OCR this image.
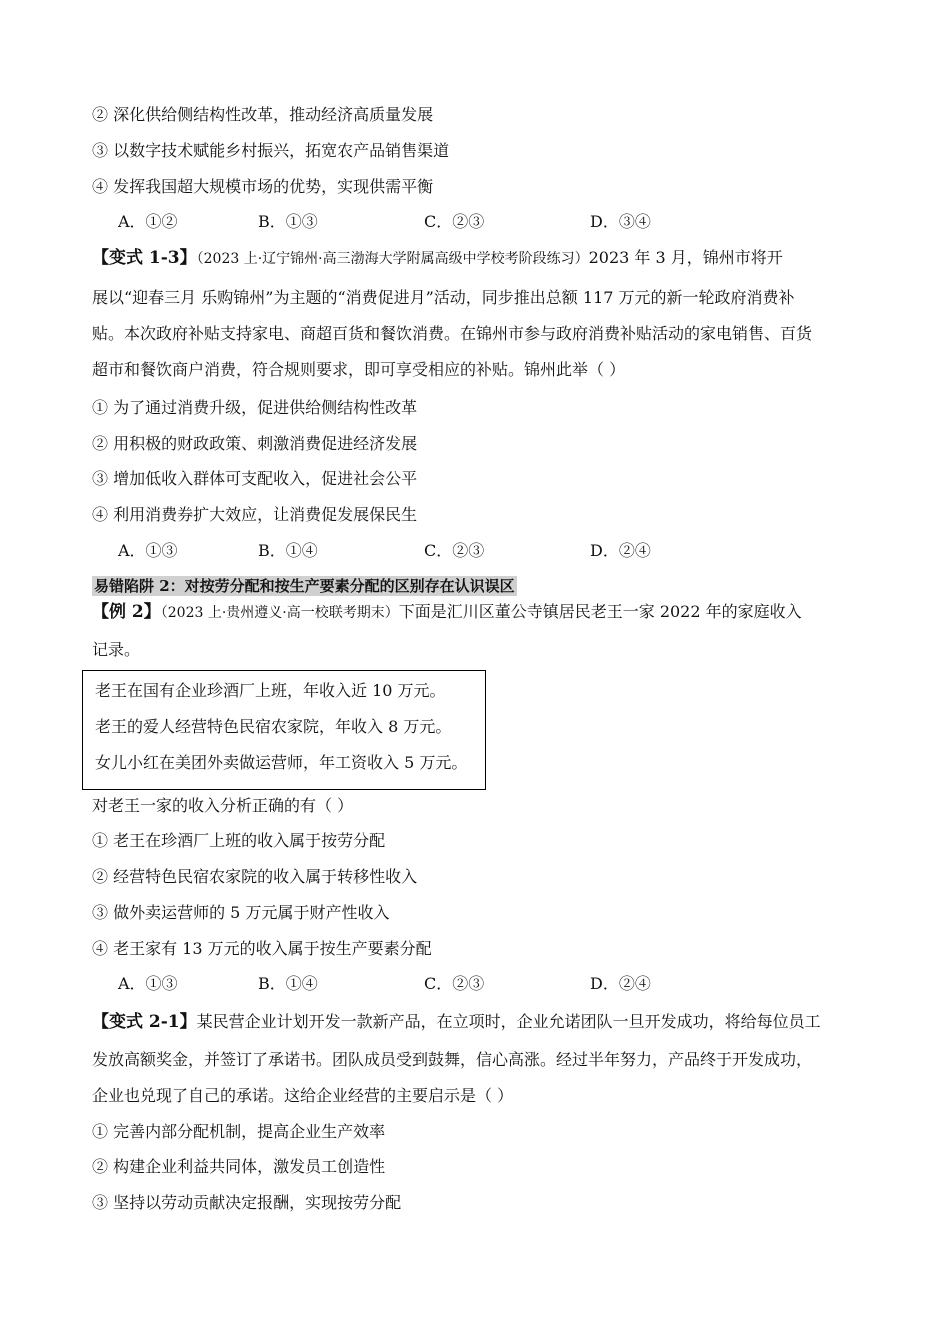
② 深化供给侧结构性改革，推动经济高质量发展
③ 以数字技术赋能乡村振兴，拓宽农产品销售渠道
④ 发挥我国超大规模市场的优势，实现供需平衡
A．①②	B．①③	C．②③	D．③④
【变式 1-3】（2023 上·辽宁锦州·高三渤海大学附属高级中学校考阶段练习）2023 年 3 月，锦州市将开
展以“迎春三月 乐购锦州”为主题的“消费促进月”活动，同步推出总额 117 万元的新一轮政府消费补
贴。本次政府补贴支持家电、商超百货和餐饮消费。在锦州市参与政府消费补贴活动的家电销售、百货
超市和餐饮商户消费，符合规则要求，即可享受相应的补贴。锦州此举（ ）
① 为了通过消费升级，促进供给侧结构性改革
② 用积极的财政政策、刺激消费促进经济发展
③ 增加低收入群体可支配收入，促进社会公平
④ 利用消费券扩大效应，让消费促发展保民生
A．①③	B．①④	C．②③	D．②④
易错陷阱 2：对按劳分配和按生产要素分配的区别存在认识误区
【例 2】（2023 上·贵州遵义·高一校联考期末）下面是汇川区董公寺镇居民老王一家 2022 年的家庭收入
记录。
老王在国有企业珍酒厂上班，年收入近 10 万元。
老王的爱人经营特色民宿农家院，年收入 8 万元。
女儿小红在美团外卖做运营师，年工资收入 5 万元。
对老王一家的收入分析正确的有（ ）
① 老王在珍酒厂上班的收入属于按劳分配
② 经营特色民宿农家院的收入属于转移性收入
③ 做外卖运营师的 5 万元属于财产性收入
④ 老王家有 13 万元的收入属于按生产要素分配
A．①③	B．①④	C．②③	D．②④
【变式 2-1】某民营企业计划开发一款新产品，在立项时，企业允诺团队一旦开发成功，将给每位员工
发放高额奖金，并签订了承诺书。团队成员受到鼓舞，信心高涨。经过半年努力，产品终于开发成功，
企业也兑现了自己的承诺。这给企业经营的主要启示是（ ）
① 完善内部分配机制，提高企业生产效率
② 构建企业利益共同体，激发员工创造性
③ 坚持以劳动贡献决定报酬，实现按劳分配
